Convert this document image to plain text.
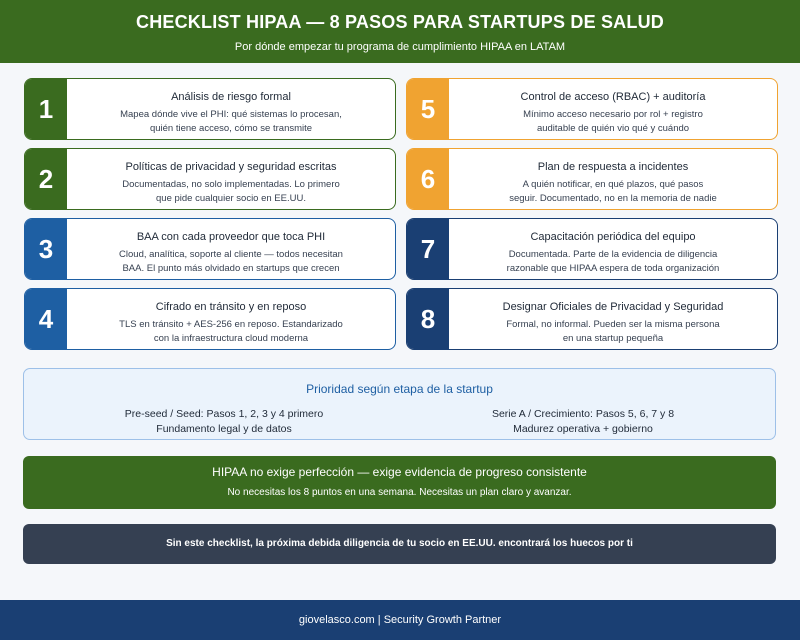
CHECKLIST HIPAA — 8 PASOS PARA STARTUPS DE SALUD
Por dónde empezar tu programa de cumplimiento HIPAA en LATAM
1	Análisis de riesgo formal
Mapea dónde vive el PHI: qué sistemas lo procesan,
quién tiene acceso, cómo se transmite
2	Políticas de privacidad y seguridad escritas
Documentadas, no solo implementadas. Lo primero
que pide cualquier socio en EE.UU.
3	BAA con cada proveedor que toca PHI
Cloud, analítica, soporte al cliente — todos necesitan
BAA. El punto más olvidado en startups que crecen
4	Cifrado en tránsito y en reposo
TLS en tránsito + AES-256 en reposo. Estandarizado
con la infraestructura cloud moderna
5	Control de acceso (RBAC) + auditoría
Mínimo acceso necesario por rol + registro
auditable de quién vio qué y cuándo
6	Plan de respuesta a incidentes
A quién notificar, en qué plazos, qué pasos
seguir. Documentado, no en la memoria de nadie
7	Capacitación periódica del equipo
Documentada. Parte de la evidencia de diligencia
razonable que HIPAA espera de toda organización
8	Designar Oficiales de Privacidad y Seguridad
Formal, no informal. Pueden ser la misma persona
en una startup pequeña
Prioridad según etapa de la startup
Pre-seed / Seed: Pasos 1, 2, 3 y 4 primero
Fundamento legal y de datos
Serie A / Crecimiento: Pasos 5, 6, 7 y 8
Madurez operativa + gobierno
HIPAA no exige perfección — exige evidencia de progreso consistente
No necesitas los 8 puntos en una semana. Necesitas un plan claro y avanzar.
Sin este checklist, la próxima debida diligencia de tu socio en EE.UU. encontrará los huecos por ti
giovelasco.com | Security Growth Partner
